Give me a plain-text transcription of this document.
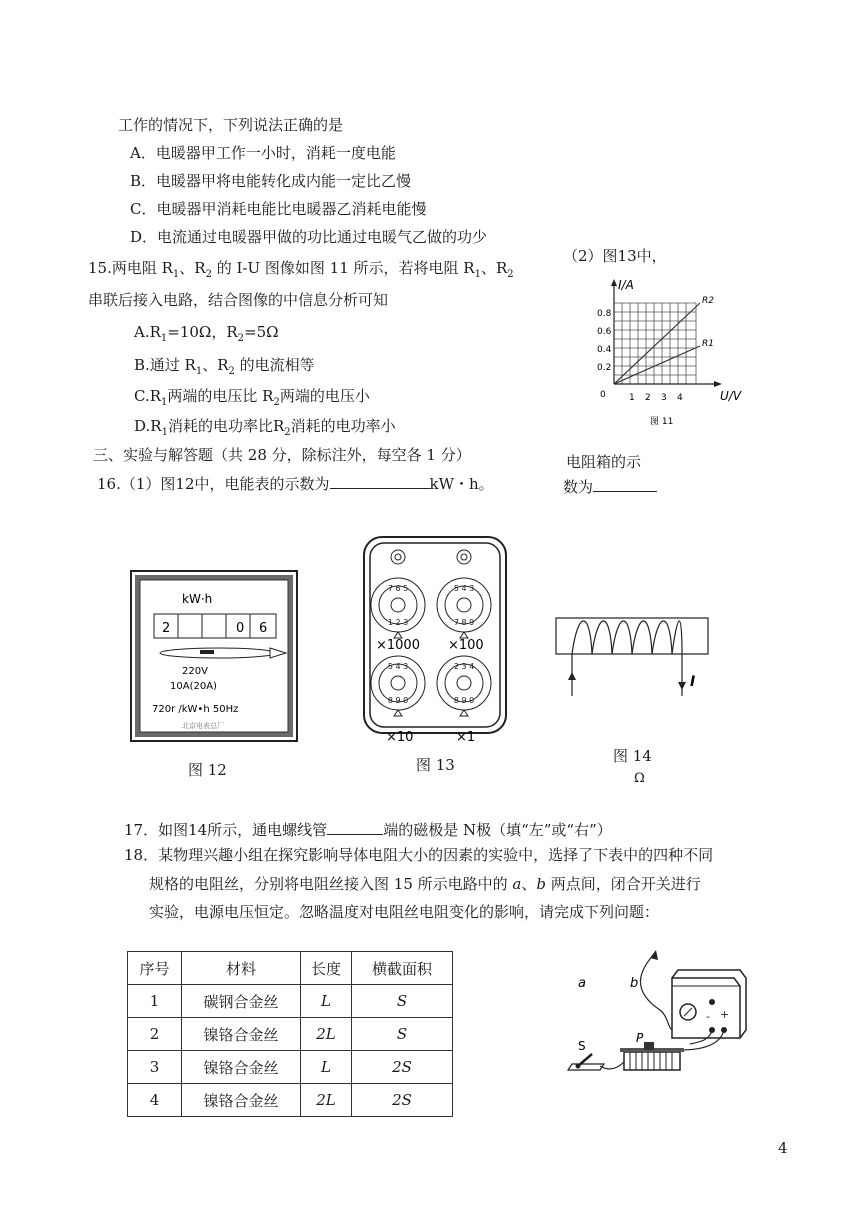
工作的情况下，下列说法正确的是
A．电暖器甲工作一小时，消耗一度电能
B．电暖器甲将电能转化成内能一定比乙慢
C．电暖器甲消耗电能比电暖器乙消耗电能慢
D．电流通过电暖器甲做的功比通过电暖气乙做的功少
15.两电阻 $R_1$、$R_2$ 的 I-U 图像如图 11 所示，若将电阻 $R_1$、$R_2$
串联后接入电路，结合图像的中信息分析可知
$A.R_1=10\Omega$，$R_2=5\Omega$
B.通过 $R_1$、$R_2$ 的电流相等
$C.R_1$两端的电压比 $R_2$两端的电压小
$D.R_1$消耗的电功率比$R_2$消耗的电功率小
（2）图13中，
电阻箱的示
数为
I/A
U/V
R2
R1
0
0.8
0.6
0.4
0.2
1 2 3 4
图 11
三、实验与解答题（共 28 分，除标注外，每空各 1 分）
16.（1）图12中，电能表的示数为	kW・h。
kW·h
2	0 6
220V
10A(20A)
720r /kW•h 50Hz
北京电表总厂
图 12
7 6 5
1 2 3
5 4 3
7 8 9
5 4 3
8 9 0
2 3 4
8 9 0
×1000 ×100
×10	×1
图 13
I
图 14
Ω
17．如图14所示，通电螺线管	端的磁极是 N极（填“左”或“右”）
18．某物理兴趣小组在探究影响导体电阻大小的因素的实验中，选择了下表中的四种不同
规格的电阻丝，分别将电阻丝接入图 15 所示电路中的 a、b 两点间，闭合开关进行
实验，电源电压恒定。忽略温度对电阻丝电阻变化的影响，请完成下列问题：
序号	材料	长度	横截面积
1	碳钢合金丝	L	S
2	镍铬合金丝	2L	S
3	镍铬合金丝	L	2S
4	镍铬合金丝	2L	2S
a	b
- +
P
S
4
